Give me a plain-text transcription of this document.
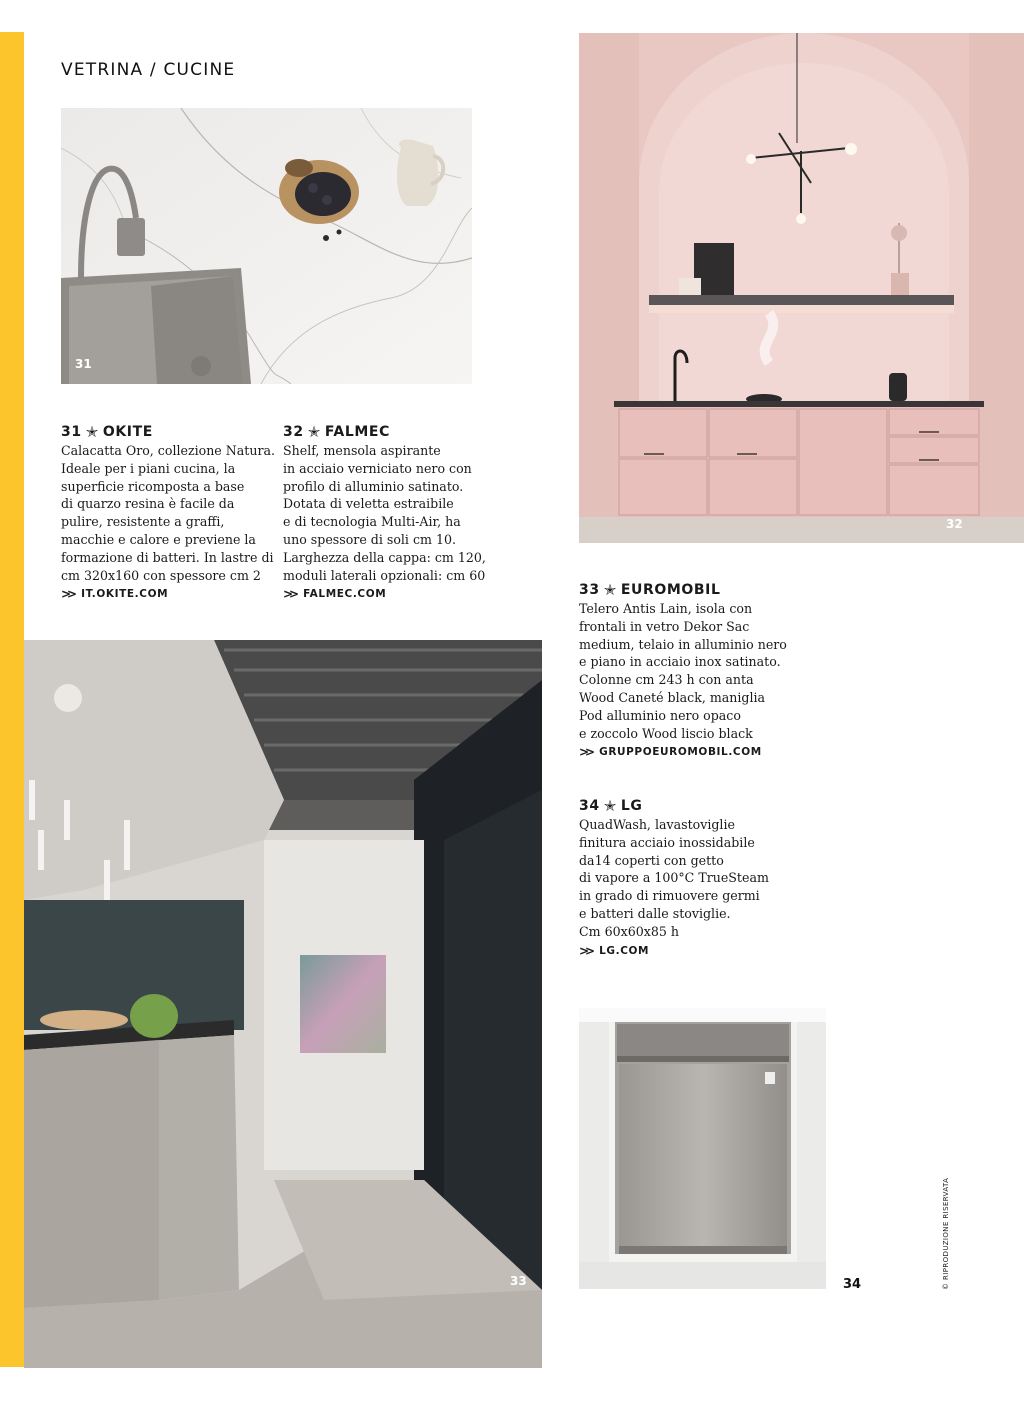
VETRINA / CUCINE
31
32
33	34
31 ✭ OKITE
Calacatta Oro, collezione Natura.
Ideale per i piani cucina, la
superficie ricomposta a base
di quarzo resina è facile da
pulire, resistente a graffi,
macchie e calore e previene la
formazione di batteri. In lastre di
cm 320x160 con spessore cm 2
>> IT.OKITE.COM
32 ✭ FALMEC
Shelf, mensola aspirante
in acciaio verniciato nero con
profilo di alluminio satinato.
Dotata di veletta estraibile
e di tecnologia Multi-Air, ha
uno spessore di soli cm 10.
Larghezza della cappa: cm 120,
moduli laterali opzionali: cm 60
>> FALMEC.COM	33 ✭ EUROMOBIL
Telero Antis Lain, isola con
frontali in vetro Dekor Sac
medium, telaio in alluminio nero
e piano in acciaio inox satinato.
Colonne cm 243 h con anta
Wood Caneté black, maniglia
Pod alluminio nero opaco
e zoccolo Wood liscio black
>> GRUPPOEUROMOBIL.COM
34 ✭ LG
QuadWash, lavastoviglie
finitura acciaio inossidabile
da14 coperti con getto
di vapore a 100°C TrueSteam
in grado di rimuovere germi
e batteri dalle stoviglie.
Cm 60x60x85 h
>> LG.COM
© RIPRODUZIONE RISERVATA
